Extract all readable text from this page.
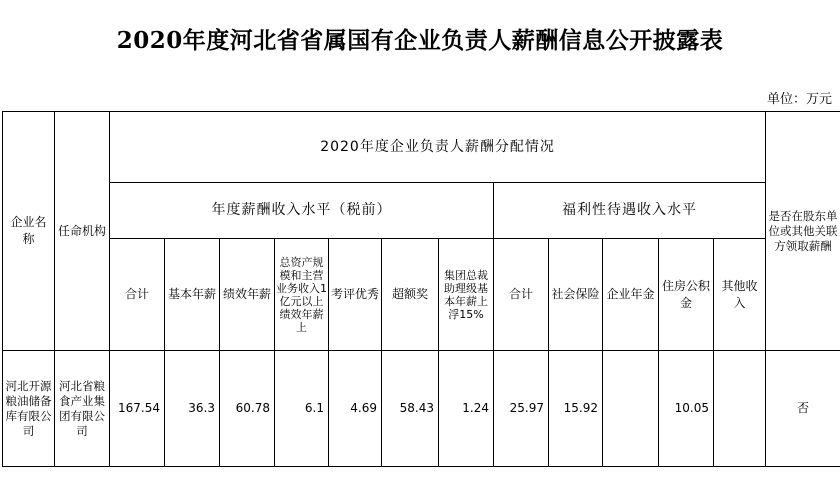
2020年度河北省省属国有企业负责人薪酬信息公开披露表
单位：万元
企业名称	任命机构	2020年度企业负责人薪酬分配情况												是否在股东单位或其他关联方领取薪酬
		年度薪酬收入水平（税前）							福利性待遇收入水平					
		合计	基本年薪	绩效年薪	总资产规模和主营业务收入1亿元以上绩效年薪上	考评优秀	超额奖	集团总裁助理级基本年薪上浮15%	合计	社会保险	企业年金	住房公积金	其他收入	
河北开源粮油储备库有限公司	河北省粮食产业集团有限公司	167.54	36.3	60.78	6.1	4.69	58.43	1.24	25.97	15.92		10.05		否
